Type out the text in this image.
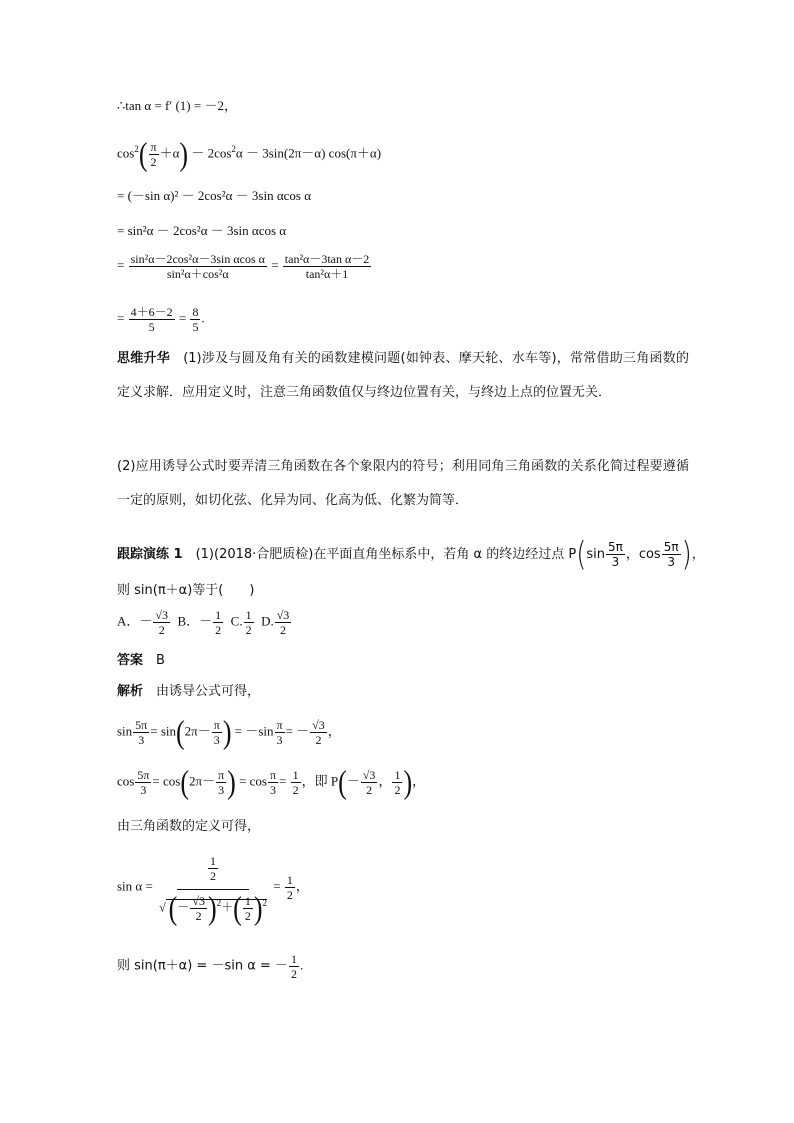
∴tan α = f′ (1) = －2，
$\cos^2( \frac{\pi}{2} +\alpha) - 2\cos^2\alpha - 3\sin(2\pi-\alpha)$ cos(π＋α)
= (－sin α)² － 2cos²α － 3sin αcos α
= sin²α － 2cos²α － 3sin αcos α
= $\frac{\text{sin²α－2cos²α－3sin αcos α}}{\text{sin²α＋cos²α}} = \frac{\text{tan²α－3tan α－2}}{\text{tan²α＋1}}$
= $\frac{4+6-2}{5} = \frac{8}{5}$ .
思维升华　 (1)涉及与圆及角有关的函数建模问题(如钟表、摩天轮、水车等)，常常借助三角函数的定义求解．应用定义时，注意三角函数值仅与终边位置有关，与终边上点的位置无关．
(2)应用诱导公式时要弄清三角函数在各个象限内的符号；利用同角三角函数的关系化简过程要遵循一定的原则，如切化弦、化异为同、化高为低、化繁为简等．
跟踪演练 1　 (1)(2018·合肥质检)在平面直角坐标系中，若角 α 的终边经过点 $P(\sin \frac{5\pi}{3}$ ，$\cos \frac{5\pi}{3}$ )，
则 sin(π＋α)等于(　　)
A．－ $\frac{√3}{2}$ B．－ $\frac{1}{2} C$. $\frac{1}{2} D$. $\frac{√3}{2}$
答案　 B
解析　 由诱导公式可得，
$\sin \frac{5\pi}{3} = \sin(2\pi- \frac{\pi}{3}$ ) = $-\sin \frac{\pi}{3}$ = － $\frac{√3}{2}$ ，
$\cos \frac{5\pi}{3} = \cos(2\pi- \frac{\pi}{3}$ ) = $\cos \frac{\pi}{3} = \frac{1}{2}$ ，即 $P(- \frac{√3}{2}$ ， $\frac{1}{2}$ )，
由三角函数的定义可得，
$\sin \alpha = \frac{\frac{1}{2}}{√ (- \frac{√3}{2} )^2+( \frac{1}{2} )^2} = \frac{1}{2}$ ，
则 sin(π＋α) = －sin α = － $\frac{1}{2}$ .
